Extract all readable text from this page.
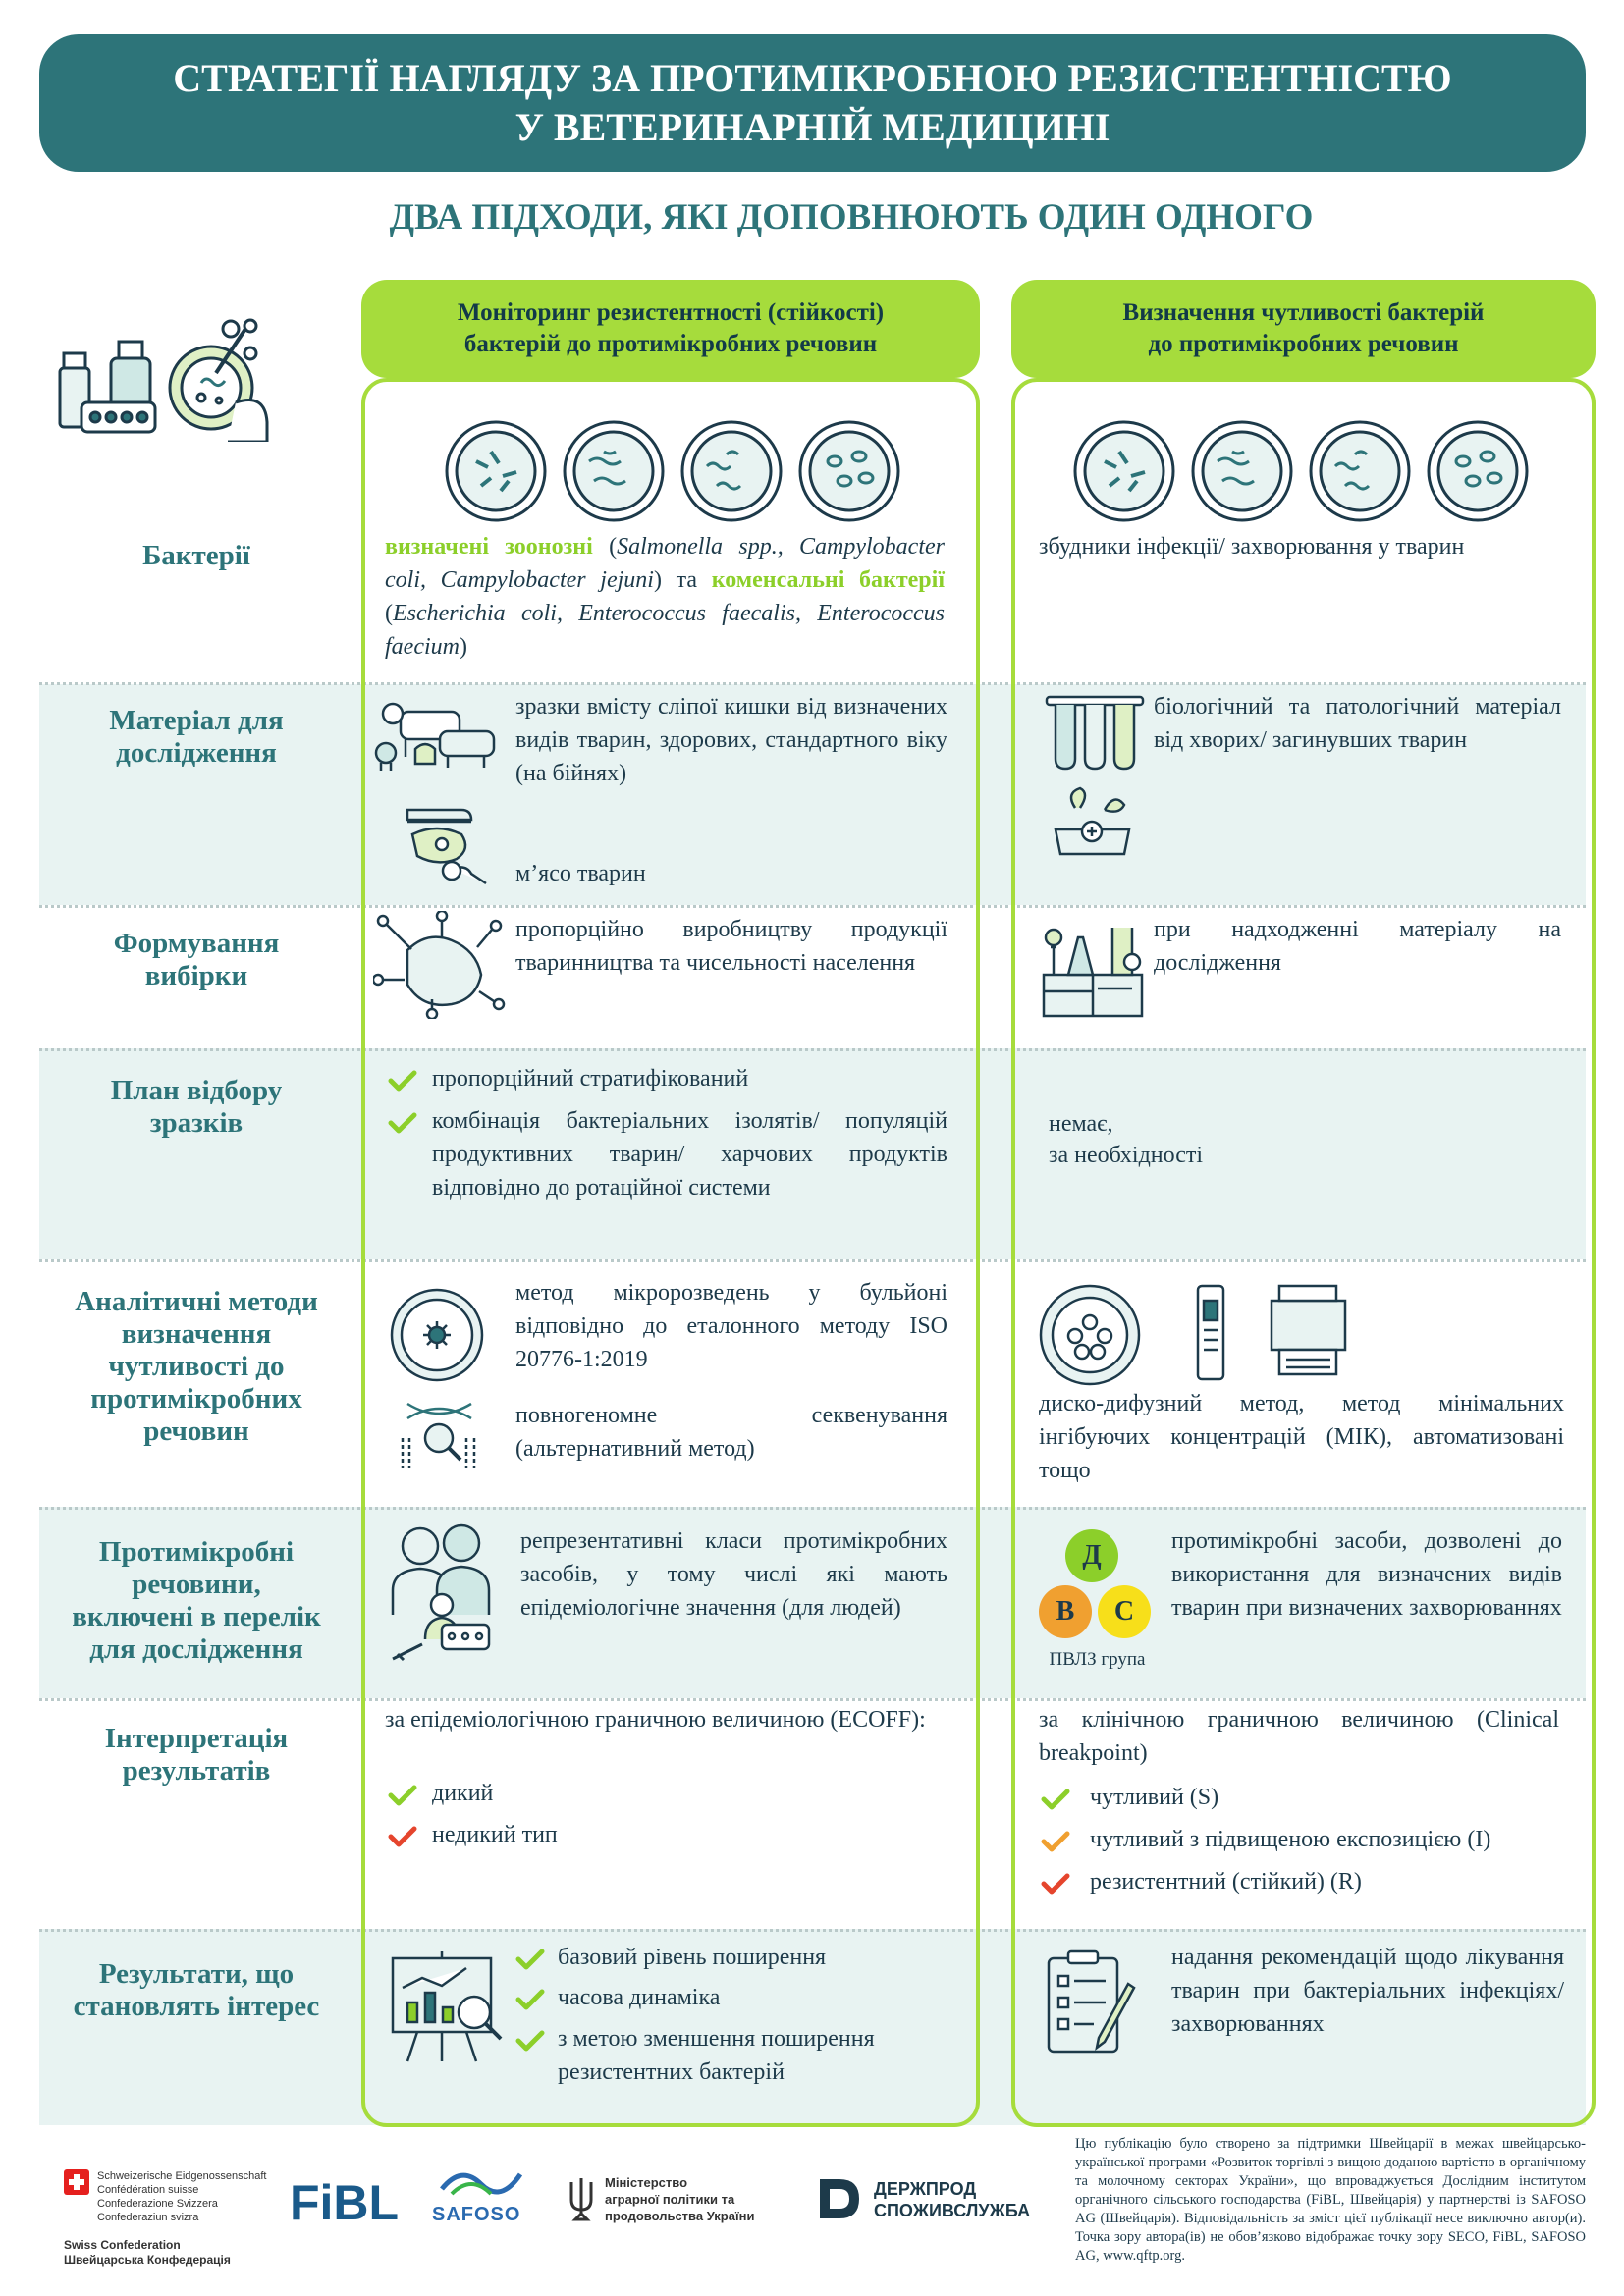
СТРАТЕГІЇ НАГЛЯДУ ЗА ПРОТИМІКРОБНОЮ РЕЗИСТЕНТНІСТЮ
У ВЕТЕРИНАРНІЙ МЕДИЦИНІ
ДВА ПІДХОДИ, ЯКІ ДОПОВНЮЮТЬ ОДИН ОДНОГО
Моніторинг резистентності (стійкості)
бактерій до протимікробних речовин
Визначення чутливості бактерій
до протимікробних речовин
Бактерії
Матеріал для
дослідження
Формування
вибірки
План відбору
зразків
Аналітичні методи
визначення
чутливості до
протимікробних
речовин
Протимікробні
речовини,
включені в перелік
для дослідження
Інтерпретація
результатів
Результати, що
становлять інтерес
визначені зоонозні (Salmonella spp., Campylobacter coli, Campylobacter jejuni) та коменсальні бактерії (Escherichia coli, Enterococcus faecalis, Enterococcus faecium)
збудники інфекції/ захворювання у тварин
зразки вмісту сліпої кишки від визначених видів тварин, здорових, стандартного віку (на бійнях)
м’ясо тварин
біологічний та патологічний матеріал від хворих/ загинувших тварин
пропорційно виробництву продукції тваринництва та чисельності населення
при надходженні матеріалу на дослідження
пропорційний стратифікований
комбінація бактеріальних ізолятів/ популяцій продуктивних тварин/ харчових продуктів відповідно до ротаційної системи
немає,
за необхідності
метод мікророзведень у бульйоні відповідно до еталонного методу ISO 20776-1:2019
повногеномне секвенування (альтернативний метод)
диско-дифузний метод, метод мінімальних інгібуючих концентрацій (МІК), автоматизовані тощо
репрезентативні класи протимікробних засобів, у тому числі які мають епідеміологічне значення (для людей)
Д
В С
ПВЛЗ група
протимікробні засоби, дозволені до використання для визначених видів тварин при визначених захворюваннях
за епідеміологічною граничною величиною (ECOFF):
дикий
недикий тип
за клінічною граничною величиною (Clinical breakpoint)
чутливий (S)
чутливий з підвищеною експозицією (I)
резистентний (стійкий) (R)
базовий рівень поширення
часова динаміка
з метою зменшення поширення резистентних бактерій
надання рекомендацій щодо лікування тварин при бактеріальних інфекціях/ захворюваннях
Schweizerische Eidgenossenschaft
Confédération suisse
Confederazione Svizzera
Confederaziun svizra
Swiss Confederation
Швейцарська Конфедерація
FiBL SAFOSO
Міністерство
аграрної політики та
продовольства України
ДЕРЖПРОД
СПОЖИВСЛУЖБА
Цю публікацію було створено за підтримки Швейцарії в межах швейцарсько-української програми «Розвиток торгівлі з вищою доданою вартістю в органічному та молочному секторах України», що впроваджується Дослідним інститутом органічного сільського господарства (FiBL, Швейцарія) у партнерстві із SAFOSO AG (Швейцарія). Відповідальність за зміст цієї публікації несе виключно автор(и). Точка зору автора(ів) не обов’язково відображає точку зору SECO, FiBL, SAFOSO AG, www.qftp.org.
